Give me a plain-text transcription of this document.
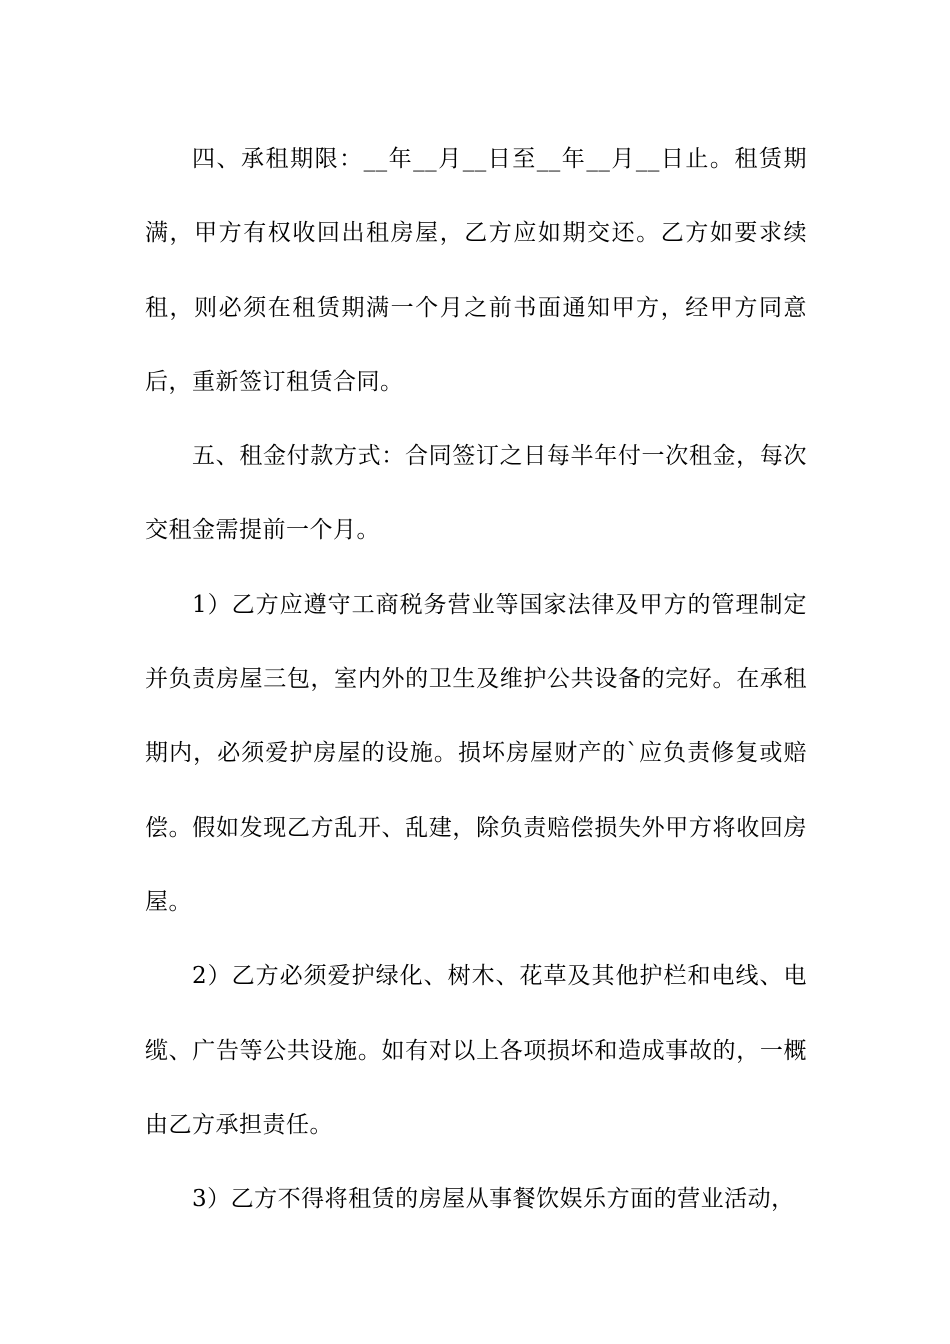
四、承租期限：__年__月__日至__年__月__日止。租赁期满，甲方有权收回出租房屋，乙方应如期交还。乙方如要求续租，则必须在租赁期满一个月之前书面通知甲方，经甲方同意后，重新签订租赁合同。

五、租金付款方式：合同签订之日每半年付一次租金，每次交租金需提前一个月。

1）乙方应遵守工商税务营业等国家法律及甲方的管理制定并负责房屋三包，室内外的卫生及维护公共设备的完好。在承租期内，必须爱护房屋的设施。损坏房屋财产的`应负责修复或赔偿。假如发现乙方乱开、乱建，除负责赔偿损失外甲方将收回房屋。

2）乙方必须爱护绿化、树木、花草及其他护栏和电线、电缆、广告等公共设施。如有对以上各项损坏和造成事故的，一概由乙方承担责任。

3）乙方不得将租赁的房屋从事餐饮娱乐方面的营业活动，
